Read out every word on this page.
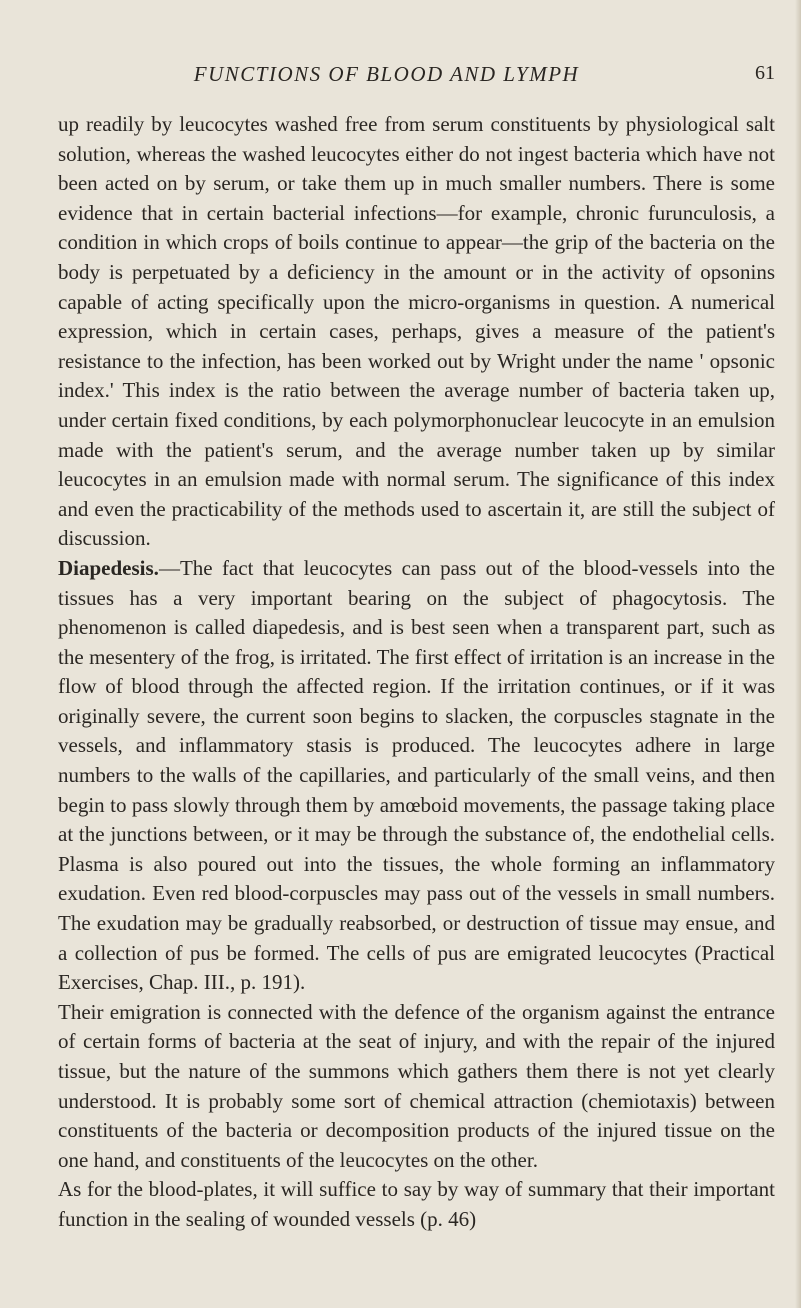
FUNCTIONS OF BLOOD AND LYMPH	61

up readily by leucocytes washed free from serum constituents by physiological salt solution, whereas the washed leucocytes either do not ingest bacteria which have not been acted on by serum, or take them up in much smaller numbers. There is some evidence that in certain bacterial infections—for example, chronic furunculosis, a condition in which crops of boils continue to appear—the grip of the bacteria on the body is perpetuated by a deficiency in the amount or in the activity of opsonins capable of acting specifically upon the micro-organisms in question. A numerical expression, which in certain cases, perhaps, gives a measure of the patient's resistance to the infection, has been worked out by Wright under the name ' opsonic index.' This index is the ratio between the average number of bacteria taken up, under certain fixed conditions, by each polymorphonuclear leucocyte in an emulsion made with the patient's serum, and the average number taken up by similar leucocytes in an emulsion made with normal serum. The significance of this index and even the practicability of the methods used to ascertain it, are still the subject of discussion.

Diapedesis.—The fact that leucocytes can pass out of the blood-vessels into the tissues has a very important bearing on the subject of phagocytosis. The phenomenon is called diapedesis, and is best seen when a transparent part, such as the mesentery of the frog, is irritated. The first effect of irritation is an increase in the flow of blood through the affected region. If the irritation continues, or if it was originally severe, the current soon begins to slacken, the corpuscles stagnate in the vessels, and inflammatory stasis is produced. The leucocytes adhere in large numbers to the walls of the capillaries, and particularly of the small veins, and then begin to pass slowly through them by amœboid movements, the passage taking place at the junctions between, or it may be through the substance of, the endothelial cells. Plasma is also poured out into the tissues, the whole forming an inflammatory exudation. Even red blood-corpuscles may pass out of the vessels in small numbers. The exudation may be gradually reabsorbed, or destruction of tissue may ensue, and a collection of pus be formed. The cells of pus are emigrated leucocytes (Practical Exercises, Chap. III., p. 191).

Their emigration is connected with the defence of the organism against the entrance of certain forms of bacteria at the seat of injury, and with the repair of the injured tissue, but the nature of the summons which gathers them there is not yet clearly understood. It is probably some sort of chemical attraction (chemiotaxis) between constituents of the bacteria or decomposition products of the injured tissue on the one hand, and constituents of the leucocytes on the other.

As for the blood-plates, it will suffice to say by way of summary that their important function in the sealing of wounded vessels (p. 46)
